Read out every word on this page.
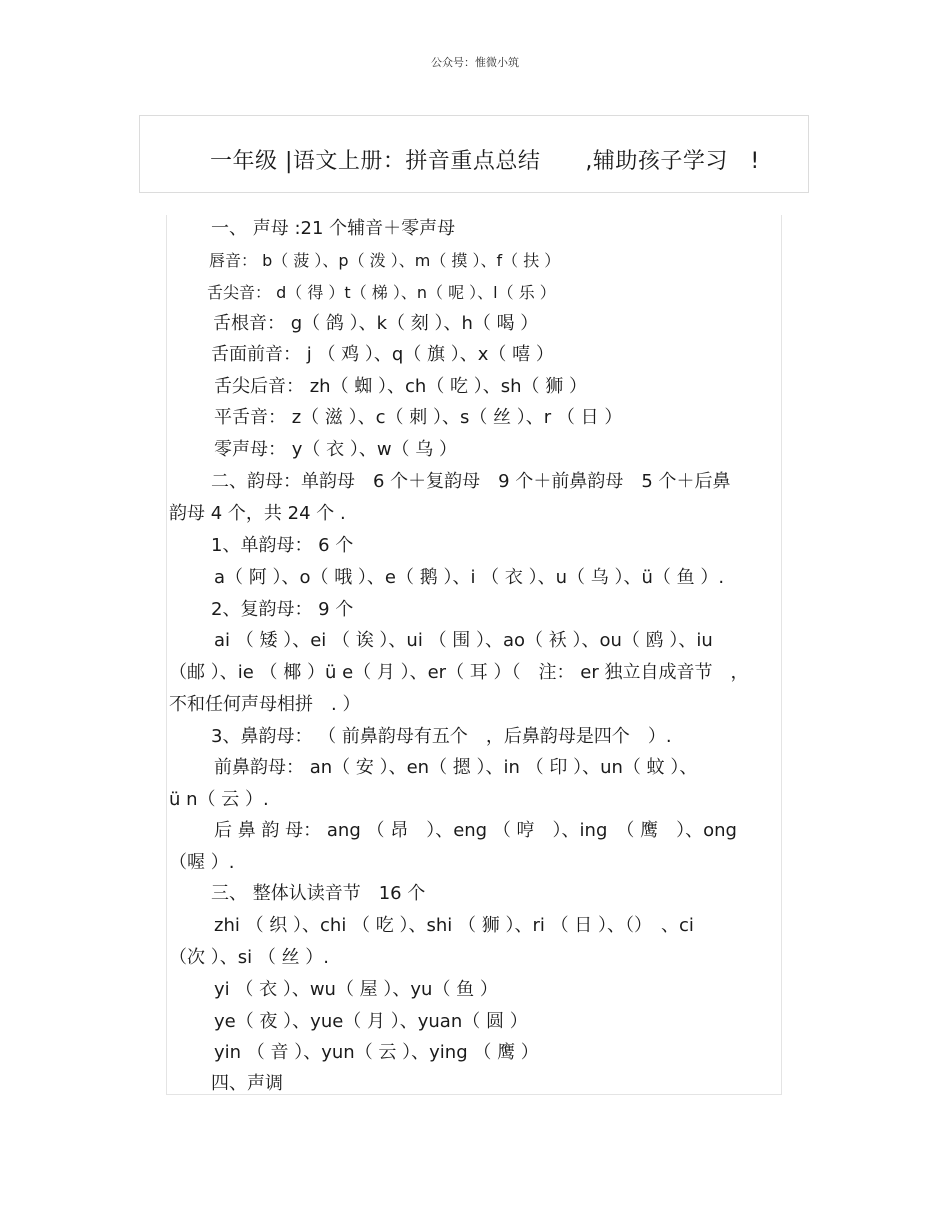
公众号：惟微小筑
一年级 |语文上册：拼音重点总结　　,辅助孩子学习　!
一、 声母 :21 个辅音＋零声母
唇音： b（ 菠 ）、p（ 泼 ）、m（ 摸 ）、f（ 扶 ）
舌尖音： d（ 得 ）t（ 梯 ）、n（ 呢 ）、l（ 乐 ）
舌根音： g（ 鸽 ）、k（ 刻 ）、h（ 喝 ）
舌面前音： j （ 鸡 ）、q（ 旗 ）、x（ 嘻 ）
舌尖后音： zh（ 蜘 ）、ch（ 吃 ）、sh（ 狮 ）
平舌音： z（ 滋 ）、c（ 刺 ）、s（ 丝 ）、r （ 日 ）
零声母： y（ 衣 ）、w（ 乌 ）
二、韵母：单韵母　6 个＋复韵母　9 个＋前鼻韵母　5 个＋后鼻
韵母 4 个，共 24 个 .
1、单韵母： 6 个
a（ 阿 ）、o（ 哦 ）、e（ 鹅 ）、i （ 衣 ）、u（ 乌 ）、ü（ 鱼 ）.
2、复韵母： 9 个
ai （ 矮 ）、ei （ 诶 ）、ui （ 围 ）、ao（ 袄 ）、ou（ 鸥 ）、iu
（邮 ）、ie （ 椰 ）ü e（ 月 ）、er（ 耳 ）（　注： er 独立自成音节　，
不和任何声母相拼　. ）
3、鼻韵母： （ 前鼻韵母有五个　，后鼻韵母是四个　）.
前鼻韵母： an（ 安 ）、en（ 摁 ）、in （ 印 ）、un（ 蚊 ）、
ü n（ 云 ）.
后 鼻 韵 母： ang （ 昂　）、eng （ 哼　）、ing　（ 鹰　）、ong
（喔 ）.
三、 整体认读音节　16 个
zhi （ 织 ）、chi （ 吃 ）、shi （ 狮 ）、ri （ 日 ）、（）　、ci
（次 ）、si （ 丝 ）.
yi （ 衣 ）、wu（ 屋 ）、yu（ 鱼 ）
ye（ 夜 ）、yue（ 月 ）、yuan（ 圆 ）
yin （ 音 ）、yun（ 云 ）、ying （ 鹰 ）
四、声调
